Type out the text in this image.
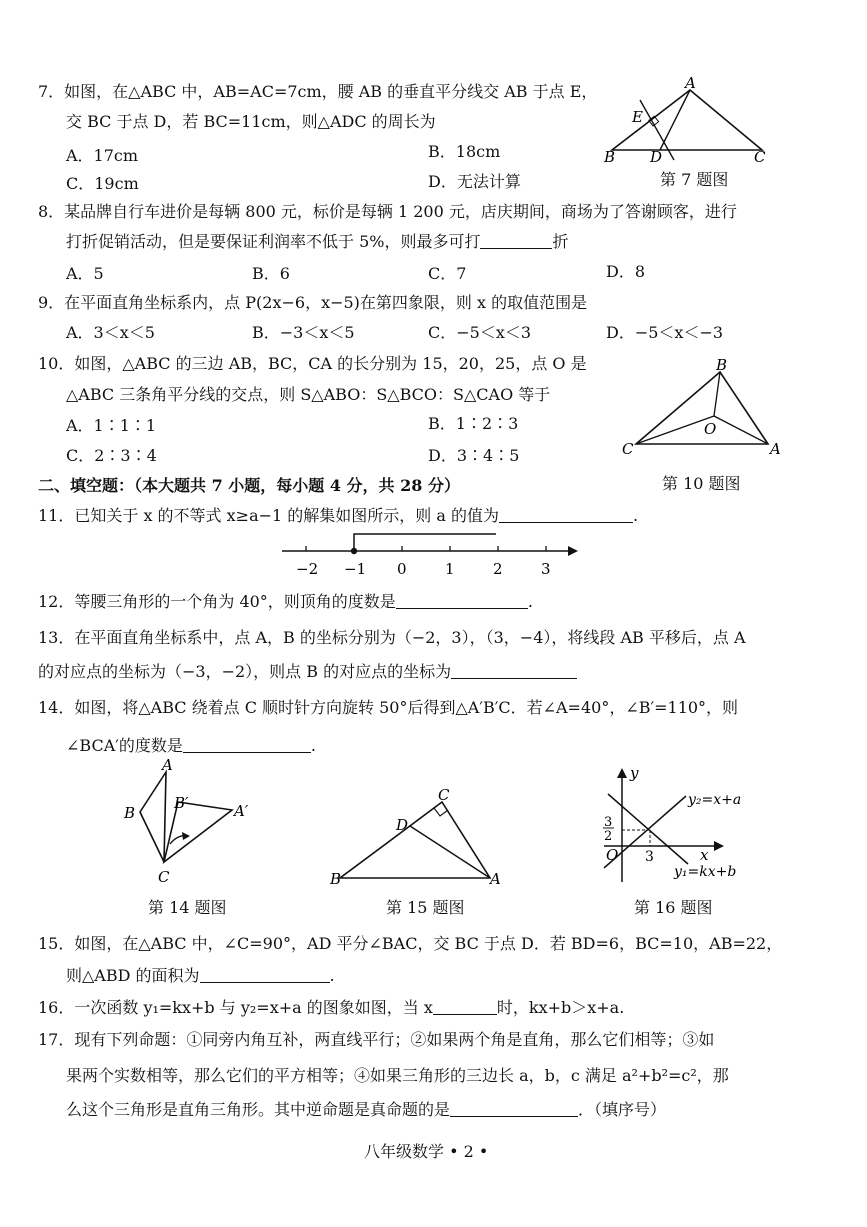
7．如图，在△ABC 中，AB=AC=7cm，腰 AB 的垂直平分线交 AB 于点 E，
交 BC 于点 D，若 BC=11cm，则△ADC 的周长为
A．17cm	B．18cm
C．19cm	D．无法计算
A
E
B D	C
第 7 题图
8．某品牌自行车进价是每辆 800 元，标价是每辆 1 200 元，店庆期间，商场为了答谢顾客，进行
打折促销活动，但是要保证利润率不低于 5%，则最多可打	折
A．5	B．6	C．7	D．8
9．在平面直角坐标系内，点 P(2x−6，x−5)在第四象限，则 x 的取值范围是
A．3＜x＜5	B．−3＜x＜5	C．−5＜x＜3	D．−5＜x＜−3
10．如图，△ABC 的三边 AB，BC，CA 的长分别为 15，20，25，点 O 是
△ABC 三条角平分线的交点，则 S△ABO：S△BCO：S△CAO 等于
A．1∶1∶1	B．1∶2∶3
C．2∶3∶4	D．3∶4∶5
B
O
C	A
二、填空题：（本大题共 7 小题，每小题 4 分，共 28 分）	第 10 题图
11．已知关于 x 的不等式 x≥a−1 的解集如图所示，则 a 的值为	.
−2 −1 0	1	2	3
12．等腰三角形的一个角为 40°，则顶角的度数是	.
13．在平面直角坐标系中，点 A，B 的坐标分别为（−2，3），（3，−4），将线段 AB 平移后，点 A
的对应点的坐标为（−3，−2），则点 B 的对应点的坐标为
14．如图，将△ABC 绕着点 C 顺时针方向旋转 50°后得到△A′B′C．若∠A=40°，∠B′=110°，则
∠BCA′的度数是	.
A
B
B′	A′
C
第 14 题图
C
D
B	A
第 15 题图
y
x
O
3
2
3
y₂=x+a
y₁=kx+b
第 16 题图
15．如图，在△ABC 中，∠C=90°，AD 平分∠BAC，交 BC 于点 D．若 BD=6，BC=10，AB=22，
则△ABD 的面积为	.
16．一次函数 y₁=kx+b 与 y₂=x+a 的图象如图，当 x	时，kx+b＞x+a.
17．现有下列命题：①同旁内角互补，两直线平行；②如果两个角是直角，那么它们相等；③如
果两个实数相等，那么它们的平方相等；④如果三角形的三边长 a，b，c 满足 a²+b²=c²，那
么这个三角形是直角三角形。其中逆命题是真命题的是	．（填序号）
八年级数学 • 2 •
